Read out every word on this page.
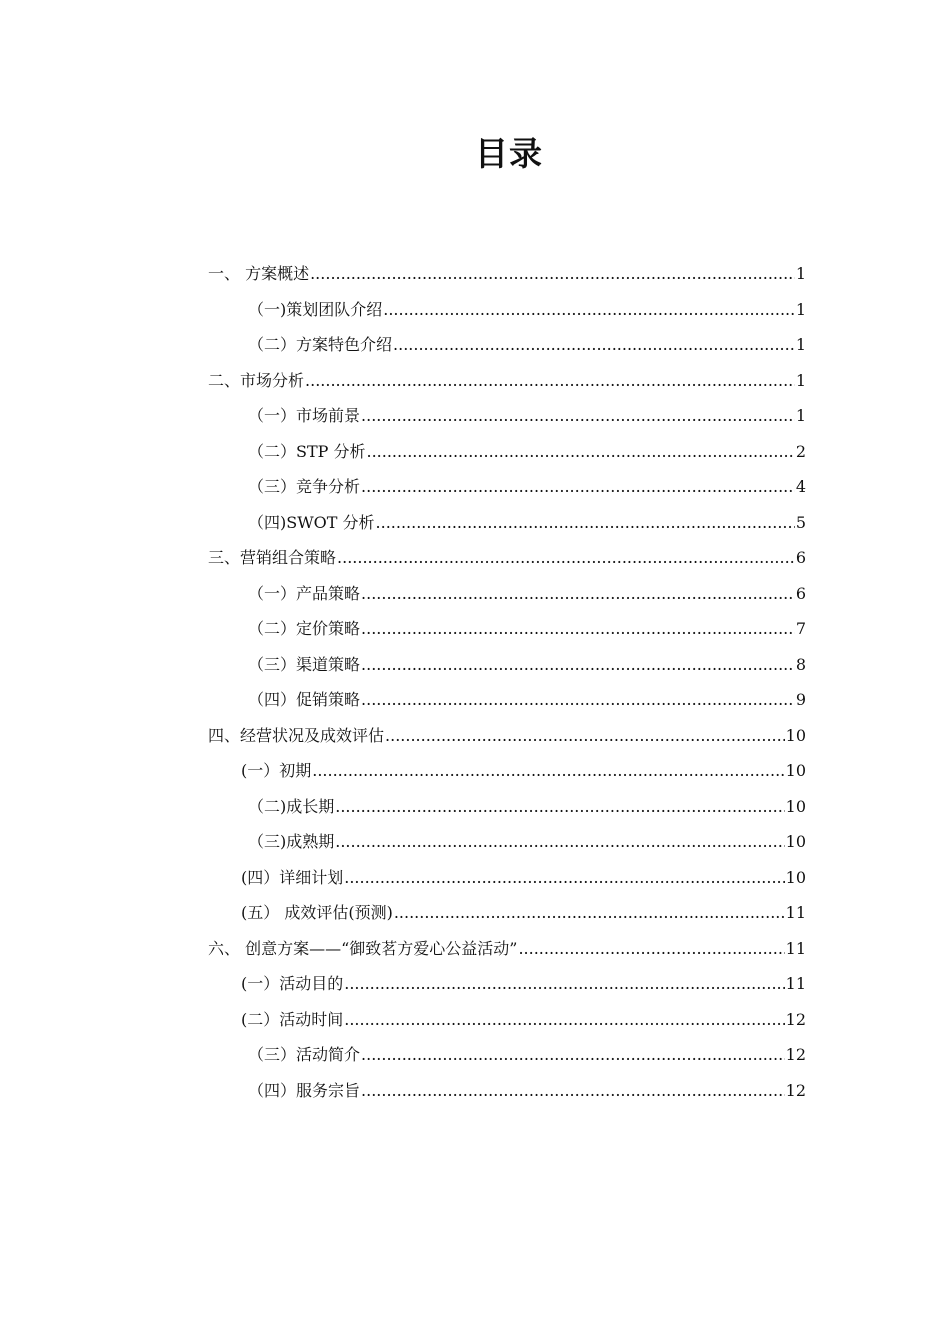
目录
一、 方案概述 .....	1
（一)策划团队介绍 .....	1
（二）方案特色介绍 .....	1
二、市场分析 .....	1
（一）市场前景 .....	1
（二）STP 分析 .....	2
（三）竞争分析 .....	4
（四)SWOT 分析 .....	5
三、营销组合策略 .....	6
（一）产品策略 .....	6
（二）定价策略 .....	7
（三）渠道策略 .....	8
（四）促销策略 .....	9
四、经营状况及成效评估 .....	10
(一）初期 .....	10
（二)成长期 .....	10
（三)成熟期 .....	10
(四）详细计划 .....	10
(五） 成效评估(预测) .....	11
六、 创意方案——“御致茗方爱心公益活动” .....	11
(一）活动目的 .....	11
(二）活动时间 .....	12
（三）活动简介 .....	12
（四）服务宗旨 .....	12
